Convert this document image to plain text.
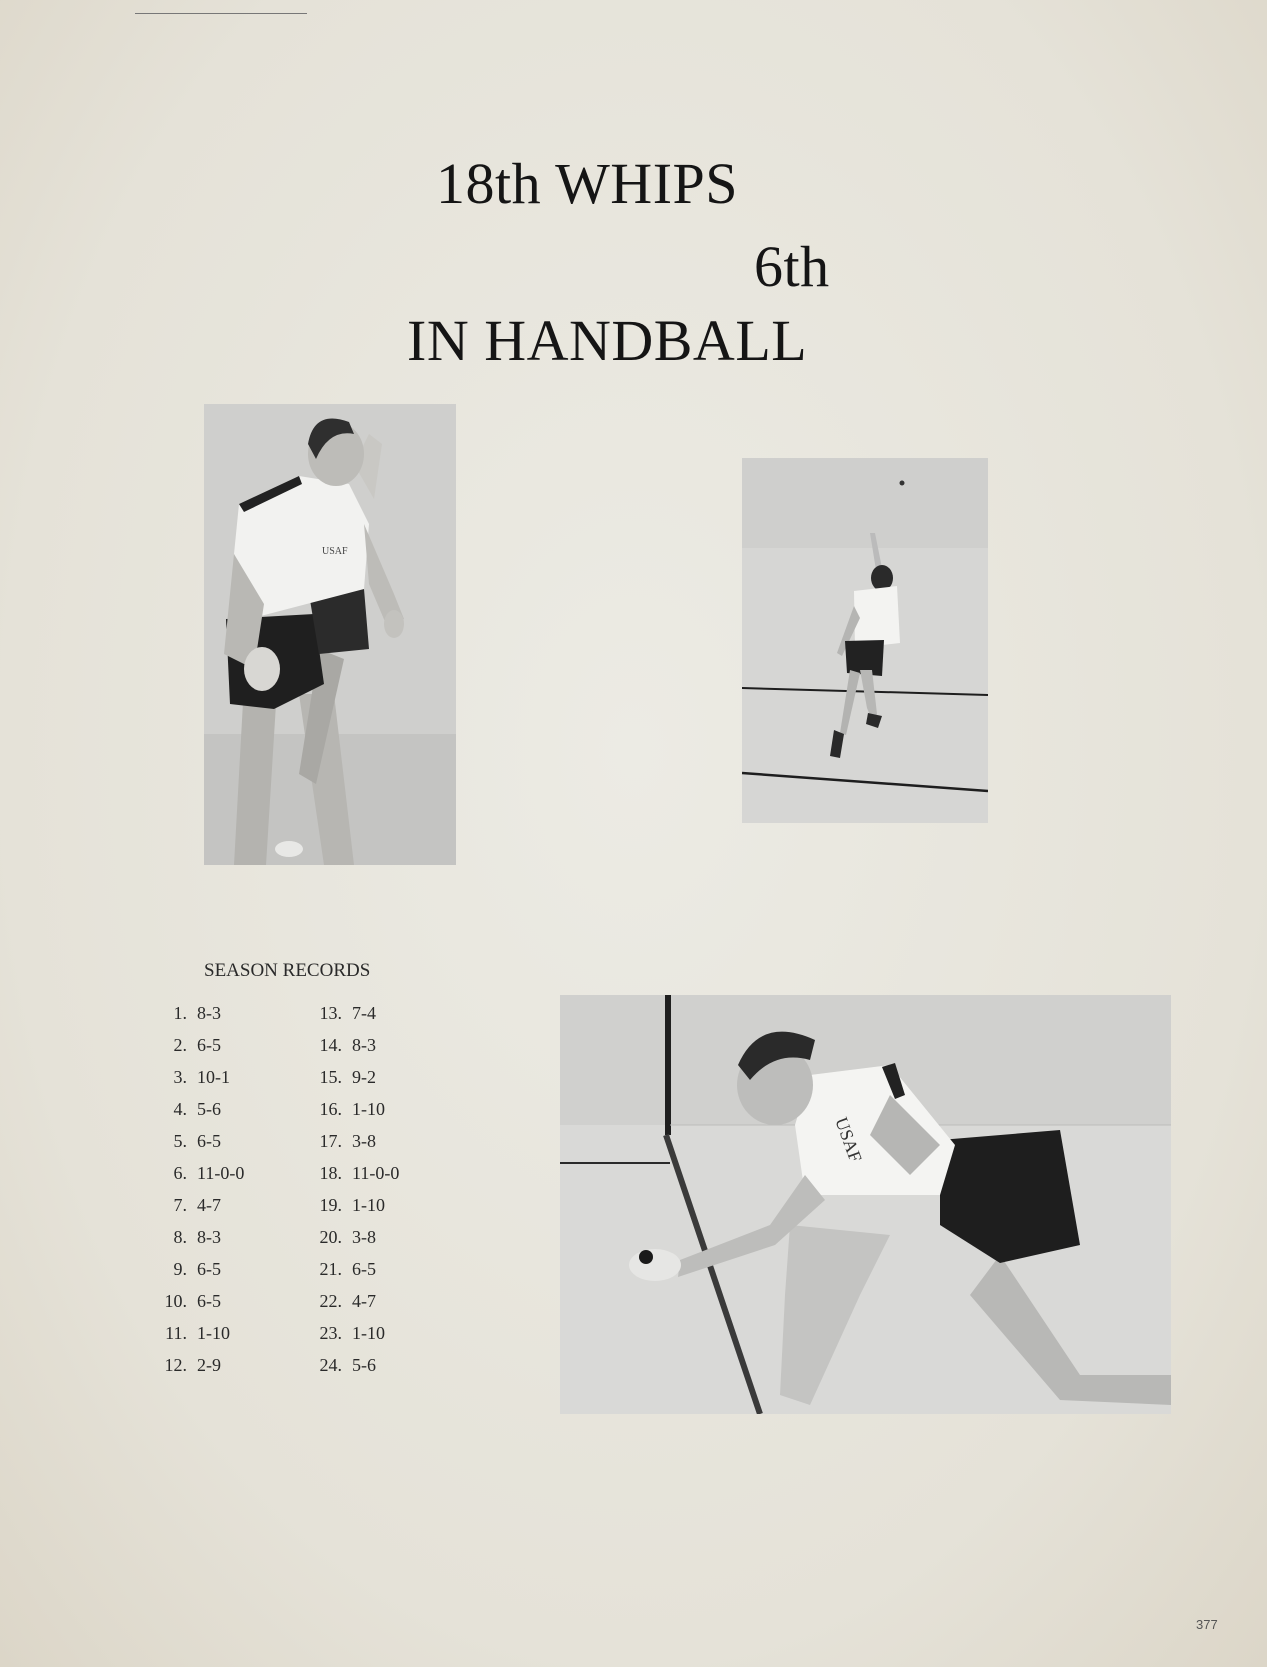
18th WHIPS
6th
IN HANDBALL
USAF
USAF
SEASON RECORDS
377
1. 8-3
2. 6-5
3. 10-1
4. 5-6
5. 6-5
6. 11-0-0
7. 4-7
8. 8-3
9. 6-5
10. 6-5
11. 1-10
12. 2-9
13. 7-4
14. 8-3
15. 9-2
16. 1-10
17. 3-8
18. 11-0-0
19. 1-10
20. 3-8
21. 6-5
22. 4-7
23. 1-10
24. 5-6
